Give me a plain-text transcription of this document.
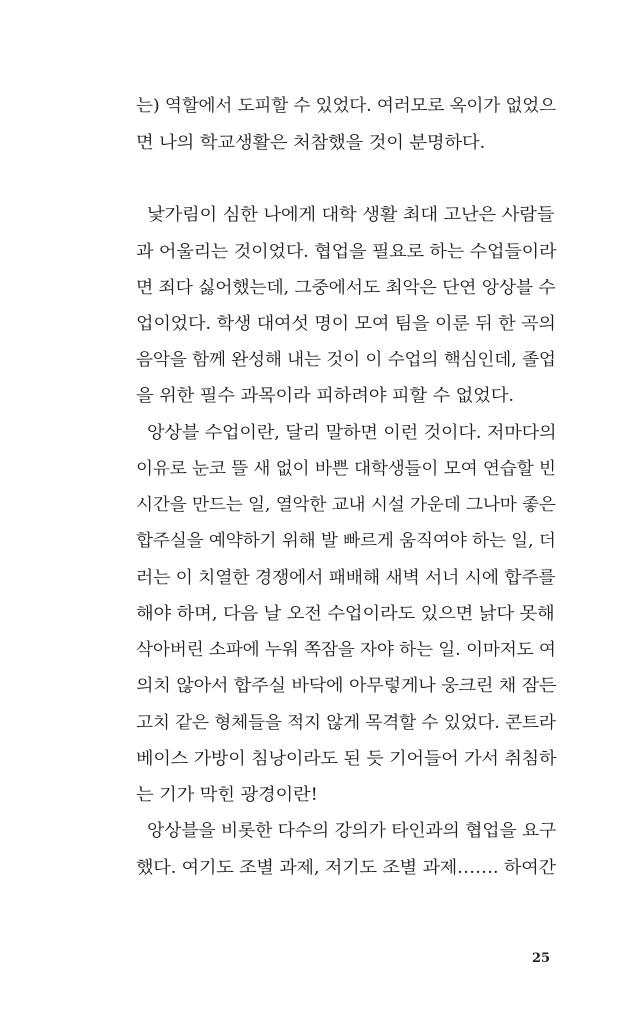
는) 역할에서 도피할 수 있었다. 여러모로 옥이가 없었으
면 나의 학교생활은 처참했을 것이 분명하다.
낯가림이 심한 나에게 대학 생활 최대 고난은 사람들
과 어울리는 것이었다. 협업을 필요로 하는 수업들이라
면 죄다 싫어했는데, 그중에서도 최악은 단연 앙상블 수
업이었다. 학생 대여섯 명이 모여 팀을 이룬 뒤 한 곡의
음악을 함께 완성해 내는 것이 이 수업의 핵심인데, 졸업
을 위한 필수 과목이라 피하려야 피할 수 없었다.
앙상블 수업이란, 달리 말하면 이런 것이다. 저마다의
이유로 눈코 뜰 새 없이 바쁜 대학생들이 모여 연습할 빈
시간을 만드는 일, 열악한 교내 시설 가운데 그나마 좋은
합주실을 예약하기 위해 발 빠르게 움직여야 하는 일, 더
러는 이 치열한 경쟁에서 패배해 새벽 서너 시에 합주를
해야 하며, 다음 날 오전 수업이라도 있으면 낡다 못해
삭아버린 소파에 누워 쪽잠을 자야 하는 일. 이마저도 여
의치 않아서 합주실 바닥에 아무렇게나 웅크린 채 잠든
고치 같은 형체들을 적지 않게 목격할 수 있었다. 콘트라
베이스 가방이 침낭이라도 된 듯 기어들어 가서 취침하
는 기가 막힌 광경이란!
앙상블을 비롯한 다수의 강의가 타인과의 협업을 요구
했다. 여기도 조별 과제, 저기도 조별 과제……. 하여간
25
